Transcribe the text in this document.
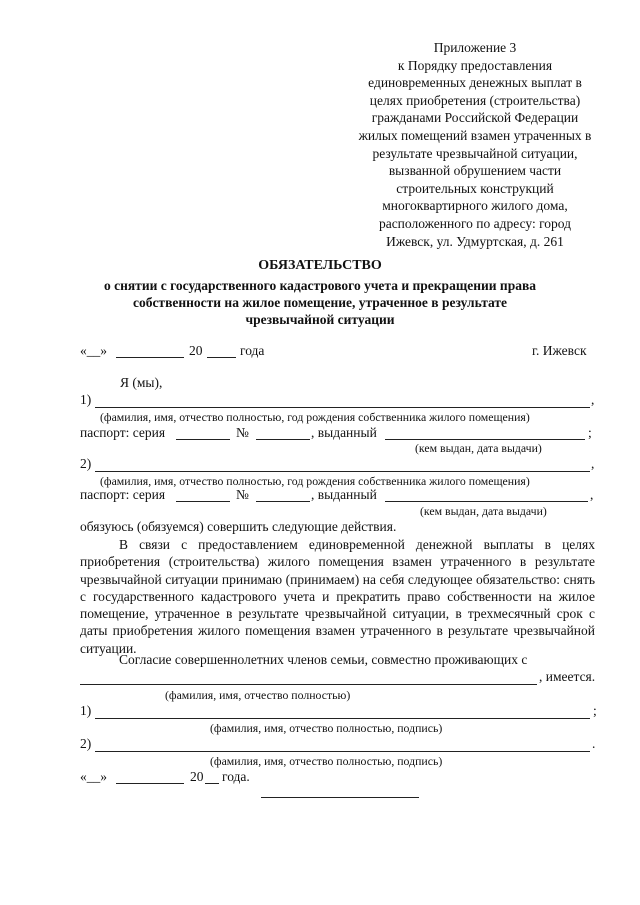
Приложение 3
к Порядку предоставления
единовременных денежных выплат в
целях приобретения (строительства)
гражданами Российской Федерации
жилых помещений взамен утраченных в
результате чрезвычайной ситуации,
вызванной обрушением части
строительных конструкций
многоквартирного жилого дома,
расположенного по адресу: город
Ижевск, ул. Удмуртская, д. 261
ОБЯЗАТЕЛЬСТВО
о снятии с государственного кадастрового учета и прекращении права
собственности на жилое помещение, утраченное в результате
чрезвычайной ситуации
«__»	20	года	г. Ижевск
Я (мы),
1)	,
(фамилия, имя, отчество полностью, год рождения собственника жилого помещения)
паспорт: серия	№	, выданный	;
(кем выдан, дата выдачи)
2)	,
(фамилия, имя, отчество полностью, год рождения собственника жилого помещения)
паспорт: серия	№	, выданный	,
(кем выдан, дата выдачи)
обязуюсь (обязуемся) совершить следующие действия.
В связи с предоставлением единовременной денежной выплаты в целях приобретения (строительства) жилого помещения взамен утраченного в результате чрезвычайной ситуации принимаю (принимаем) на себя следующее обязательство: снять с государственного кадастрового учета и прекратить право собственности на жилое помещение, утраченное в результате чрезвычайной ситуации, в трехмесячный срок с даты приобретения жилого помещения взамен утраченного в результате чрезвычайной ситуации.
Согласие совершеннолетних членов семьи, совместно проживающих с
, имеется.
(фамилия, имя, отчество полностью)
1)	;
(фамилия, имя, отчество полностью, подпись)
2)	.
(фамилия, имя, отчество полностью, подпись)
«__»	20 года.
